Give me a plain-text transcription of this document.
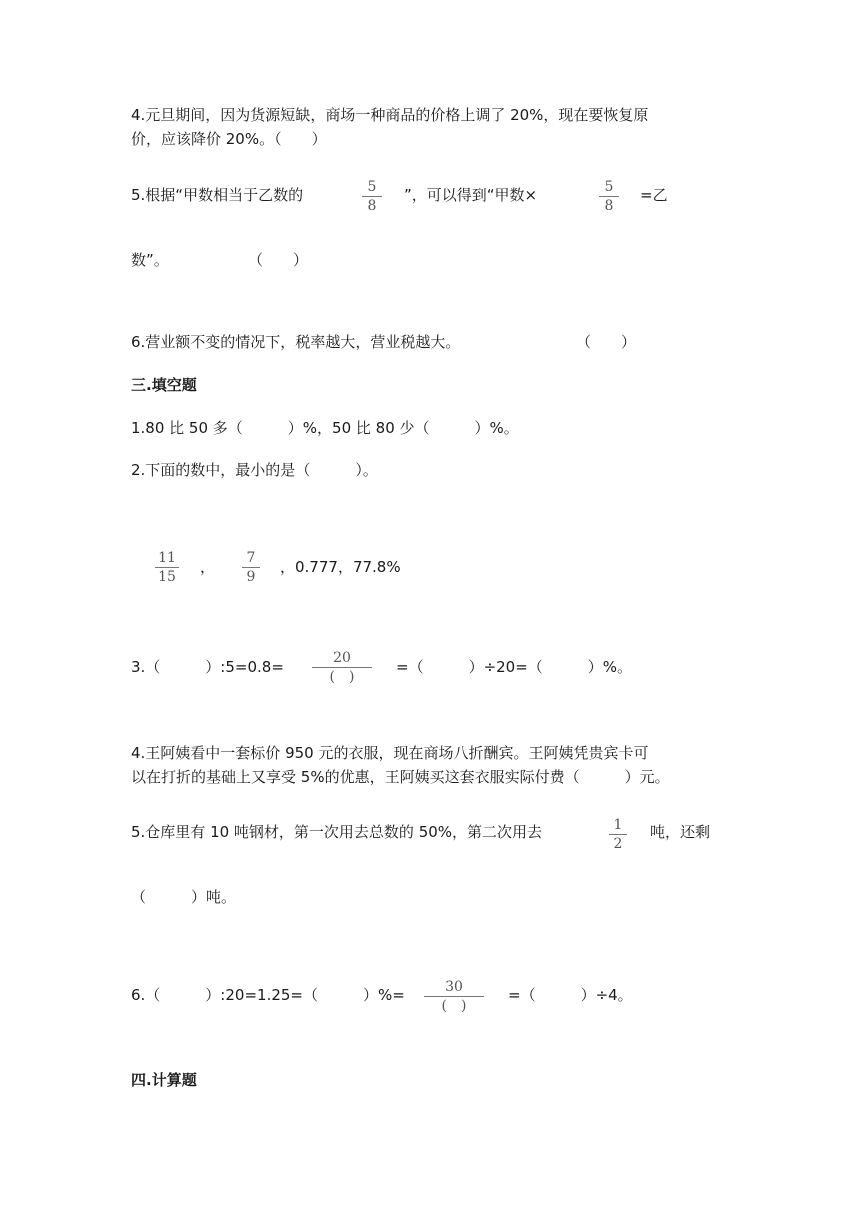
4.元旦期间，因为货源短缺，商场一种商品的价格上调了 20%，现在要恢复原
价，应该降价 20%。（　　）
5.根据“甲数相当于乙数的	5
8
”，可以得到“甲数×	5
8
=乙
数”。	（　　）
6.营业额不变的情况下，税率越大，营业税越大。	（　　）
三.填空题
1.80 比 50 多（　　　）%，50 比 80 少（　　　）%。
2.下面的数中，最小的是（　　　）。
11
15
，	7
9
，0.777，77.8%
3.（　　　）:5=0.8=	20
(　)
=（　　　）÷20=（　　　）%。
4.王阿姨看中一套标价 950 元的衣服，现在商场八折酬宾。王阿姨凭贵宾卡可
以在打折的基础上又享受 5%的优惠，王阿姨买这套衣服实际付费（　　　）元。
5.仓库里有 10 吨钢材，第一次用去总数的 50%，第二次用去	1
2
吨，还剩
（　　　）吨。
6.（　　　）:20=1.25=（　　　）%=	30
(　)
=（　　　）÷4。
四.计算题
